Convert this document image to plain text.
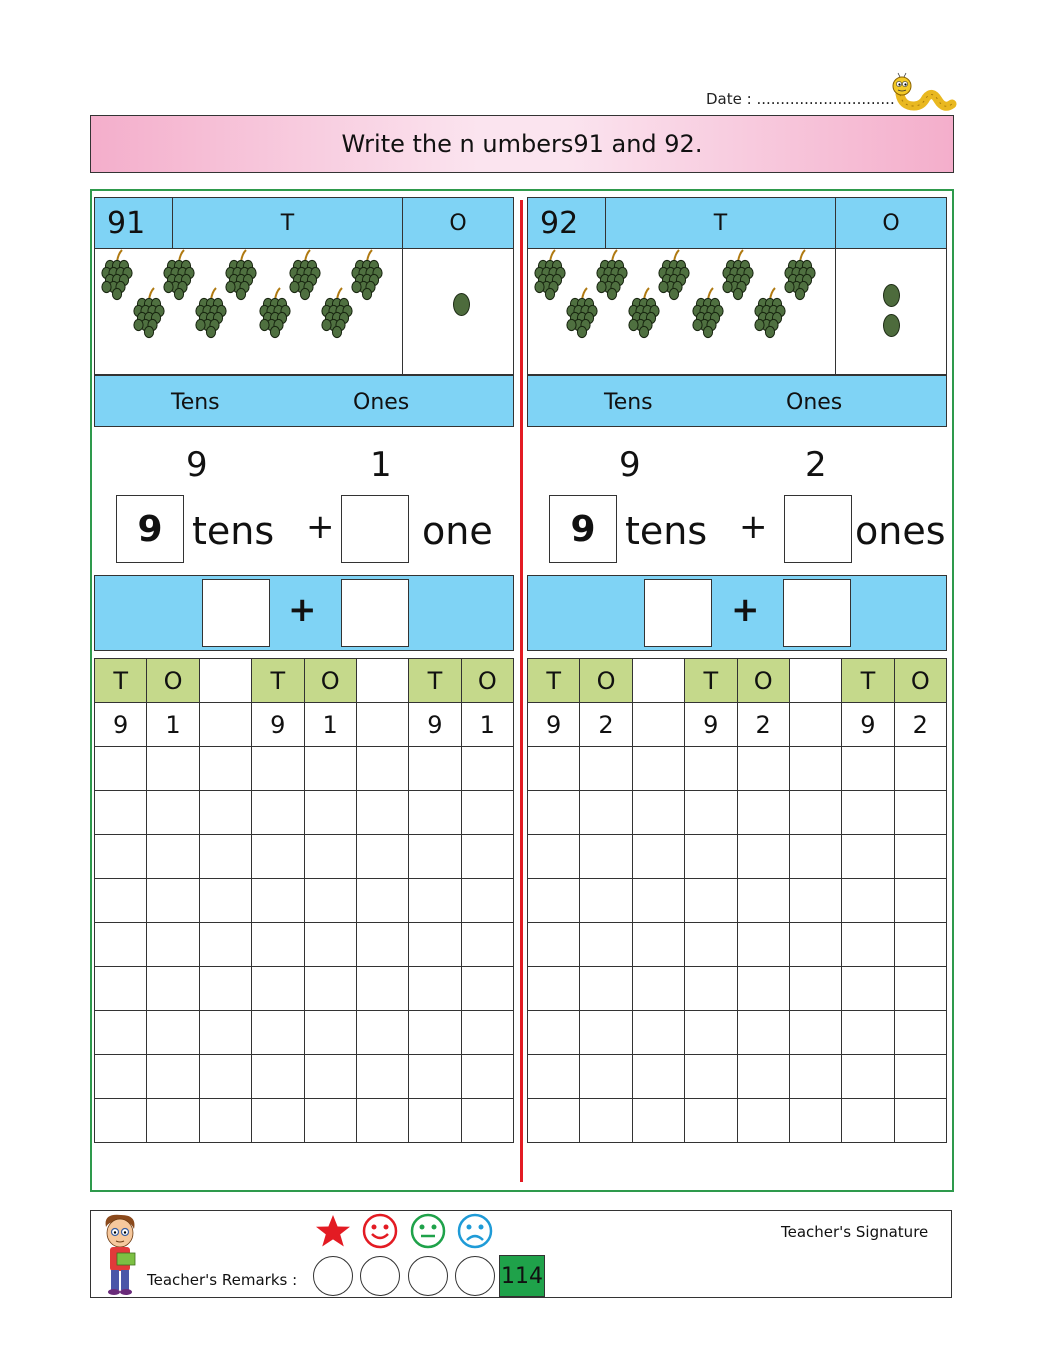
Date : .............................
Write the n umbers91 and 92.
91	T	O
Tens	Ones
9	1
9 tens + one
+
T	O		T	O		T	O
9	1		9	1		9	1

92	T	O
Tens	Ones
9	2
9 tens + ones
+
T	O		T	O		T	O
9	2		9	2		9	2

Teacher's Remarks :
Teacher's Signature
114
